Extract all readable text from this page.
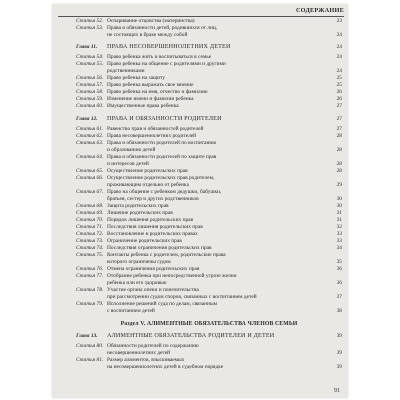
СОДЕРЖАНИЕ
Статья 52. Оспаривание отцовства (материнства)	23
Статья 53. Права и обязанности детей, родившихся от лиц,
не состоящих в браке между собой	24
Глава 11.	ПРАВА НЕСОВЕРШЕННОЛЕТНИХ ДЕТЕЙ	24
Статья 54. Право ребенка жить и воспитываться в семье	24
Статья 55. Право ребенка на общение с родителями и другими
родственниками	24
Статья 56. Право ребенка на защиту	25
Статья 57. Право ребенка выражать свое мнение	25
Статья 58. Право ребенка на имя, отчество и фамилию	26
Статья 59. Изменение имени и фамилии ребенка	26
Статья 60. Имущественные права ребенка	27
Глава 12.	ПРАВА И ОБЯЗАННОСТИ РОДИТЕЛЕЙ	27
Статья 61. Равенство прав и обязанностей родителей	27
Статья 62. Права несовершеннолетних родителей	28
Статья 63. Права и обязанности родителей по воспитанию
и образованию детей	28
Статья 64. Права и обязанности родителей по защите прав
и интересов детей	28
Статья 65. Осуществление родительских прав	28
Статья 66. Осуществление родительских прав родителем,
проживающим отдельно от ребенка	29
Статья 67. Право на общение с ребенком дедушки, бабушки,
братьев, сестер и других родственников	30
Статья 68. Защита родительских прав	30
Статья 69. Лишение родительских прав	31
Статья 70. Порядок лишения родительских прав	31
Статья 71. Последствия лишения родительских прав	32
Статья 72. Восстановление в родительских правах	33
Статья 73. Ограничение родительских прав	33
Статья 74. Последствия ограничения родительских прав	34
Статья 75. Контакты ребенка с родителем, родительские права
которого ограничены судом	35
Статья 76. Отмена ограничения родительских прав	36
Статья 77. Отобрание ребенка при непосредственной угрозе жизни
ребенка или его здоровью	36
Статья 78. Участие органа опеки и попечительства
при рассмотрении судом споров, связанных с воспитанием детей	37
Статья 79. Исполнение решений суда по делам, связанным
с воспитанием детей	38
Раздел V. АЛИМЕНТНЫЕ ОБЯЗАТЕЛЬСТВА ЧЛЕНОВ СЕМЬИ
Глава 13.	АЛИМЕНТНЫЕ ОБЯЗАТЕЛЬСТВА РОДИТЕЛЕЙ И ДЕТЕЙ	39
Статья 80. Обязанности родителей по содержанию
несовершеннолетних детей	39
Статья 81. Размер алиментов, взыскиваемых
на несовершеннолетних детей в судебном порядке	39
91
